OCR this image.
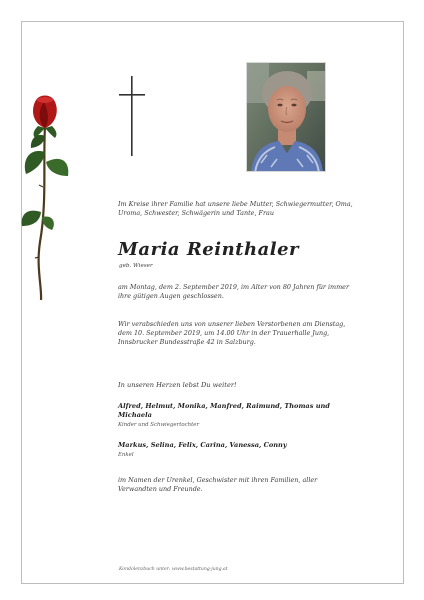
Im Kreise ihrer Familie hat unsere liebe Mutter, Schwiegermutter, Oma, Uroma, Schwester, Schwägerin und Tante, Frau

Maria Reinthaler
geb. Wieser

am Montag, dem 2. September 2019, im Alter von 80 Jahren für immer ihre gütigen Augen geschlossen.

Wir verabschieden uns von unserer lieben Verstorbenen am Dienstag, dem 10. September 2019, um 14.00 Uhr in der Trauerhalle Jung, Innsbrucker Bundesstraße 42 in Salzburg.

In unseren Herzen lebst Du weiter!

Alfred, Helmut, Monika, Manfred, Raimund, Thomas und Michaela

Kinder und Schwiegertochter

Markus, Selina, Felix, Carina, Vanessa, Conny

Enkel

im Namen der Urenkel, Geschwister mit ihren Familien, aller Verwandten und Freunde.

Kondolenzbuch unter: www.bestattung-jung.at
